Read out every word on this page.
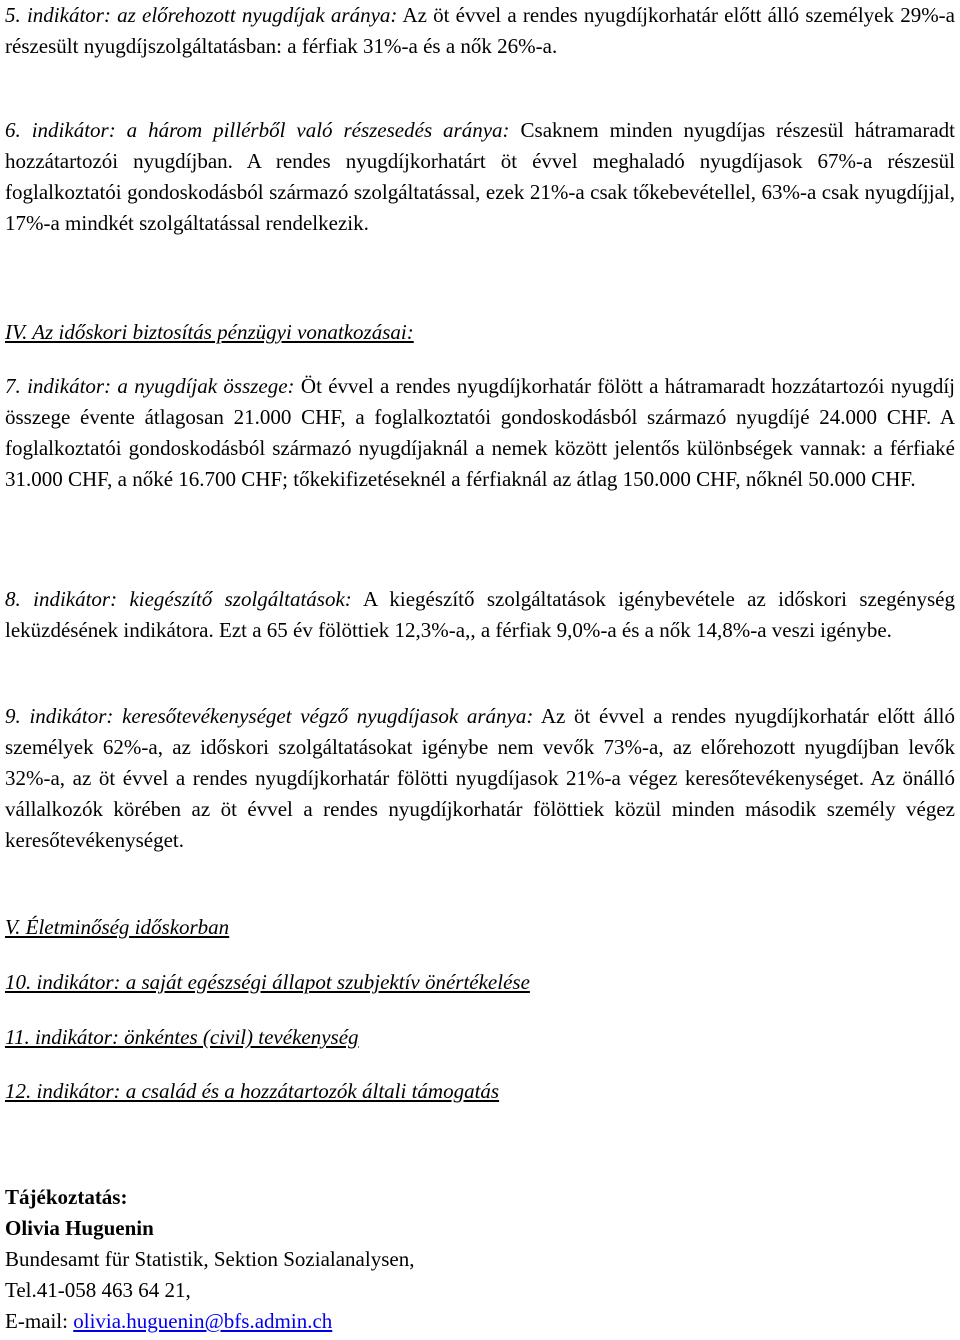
5. indikátor: az előrehozott nyugdíjak aránya: Az öt évvel a rendes nyugdíjkorhatár előtt álló személyek 29%-a részesült nyugdíjszolgáltatásban: a férfiak 31%-a és a nők 26%-a.

6. indikátor: a három pillérből való részesedés aránya: Csaknem minden nyugdíjas részesül hátramaradt hozzátartozói nyugdíjban. A rendes nyugdíjkorhatárt öt évvel meghaladó nyugdíjasok 67%-a részesül foglalkoztatói gondoskodásból származó szolgáltatással, ezek 21%-a csak tőkebevétellel, 63%-a csak nyugdíjjal, 17%-a mindkét szolgáltatással rendelkezik.

IV. Az időskori biztosítás pénzügyi vonatkozásai:

7. indikátor: a nyugdíjak összege: Öt évvel a rendes nyugdíjkorhatár fölött a hátramaradt hozzátartozói nyugdíj összege évente átlagosan 21.000 CHF, a foglalkoztatói gondoskodásból származó nyugdíjé 24.000 CHF. A foglalkoztatói gondoskodásból származó nyugdíjaknál a nemek között jelentős különbségek vannak: a férfiaké 31.000 CHF, a nőké 16.700 CHF; tőkekifizetéseknél a férfiaknál az átlag 150.000 CHF, nőknél 50.000 CHF.

8. indikátor: kiegészítő szolgáltatások: A kiegészítő szolgáltatások igénybevétele az időskori szegénység leküzdésének indikátora. Ezt a 65 év fölöttiek 12,3%-a,, a férfiak 9,0%-a és a nők 14,8%-a veszi igénybe.

9. indikátor: keresőtevékenységet végző nyugdíjasok aránya: Az öt évvel a rendes nyugdíjkorhatár előtt álló személyek 62%-a, az időskori szolgáltatásokat igénybe nem vevők 73%-a, az előrehozott nyugdíjban levők 32%-a, az öt évvel a rendes nyugdíjkorhatár fölötti nyugdíjasok 21%-a végez keresőtevékenységet. Az önálló vállalkozók körében az öt évvel a rendes nyugdíjkorhatár fölöttiek közül minden második személy végez keresőtevékenységet.

V. Életminőség időskorban

10. indikátor: a saját egészségi állapot szubjektív önértékelése

11. indikátor: önkéntes (civil) tevékenység

12. indikátor: a család és a hozzátartozók általi támogatás

Tájékoztatás:
Olivia Huguenin
Bundesamt für Statistik, Sektion Sozialanalysen,
Tel.41-058 463 64 21,
E-mail: olivia.huguenin@bfs.admin.ch
